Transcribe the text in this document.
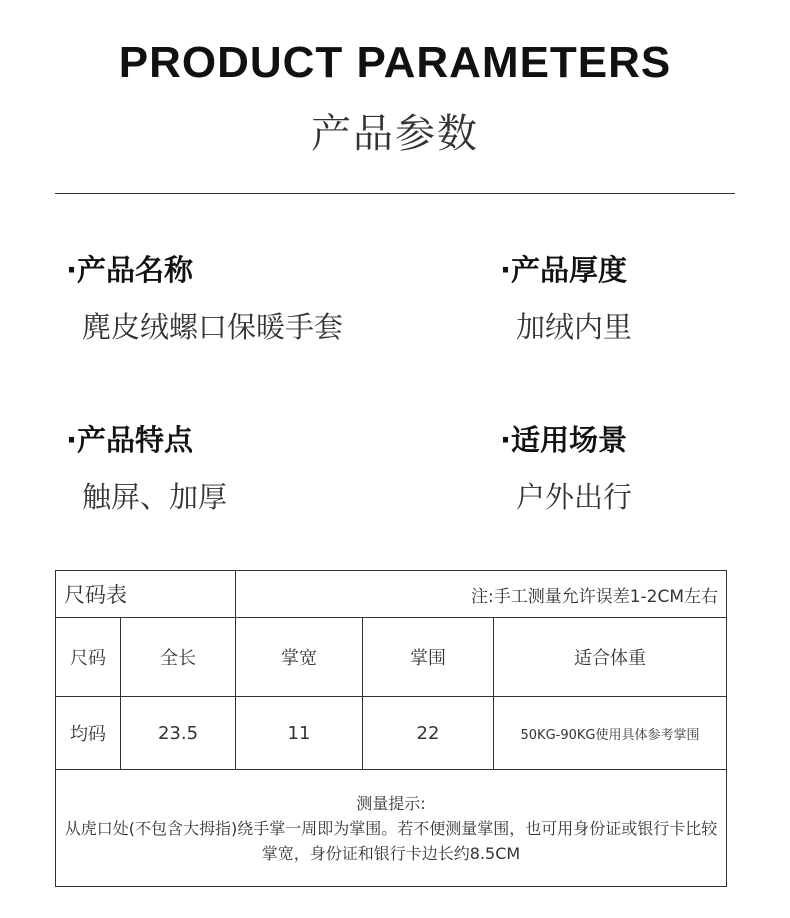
PRODUCT PARAMETERS
产品参数
·产品名称
麂皮绒螺口保暖手套
·产品厚度
加绒内里
·产品特点
触屏、加厚
·适用场景
户外出行
尺码表		注:手工测量允许误差1-2CM左右		
尺码	全长	掌宽	掌围	适合体重
均码	23.5	11	22	50KG-90KG使用具体参考掌围

测量提示:
从虎口处(不包含大拇指)绕手掌一周即为掌围。若不便测量掌围，也可用身份证或银行卡比较掌宽，身份证和银行卡边长约8.5CM				
